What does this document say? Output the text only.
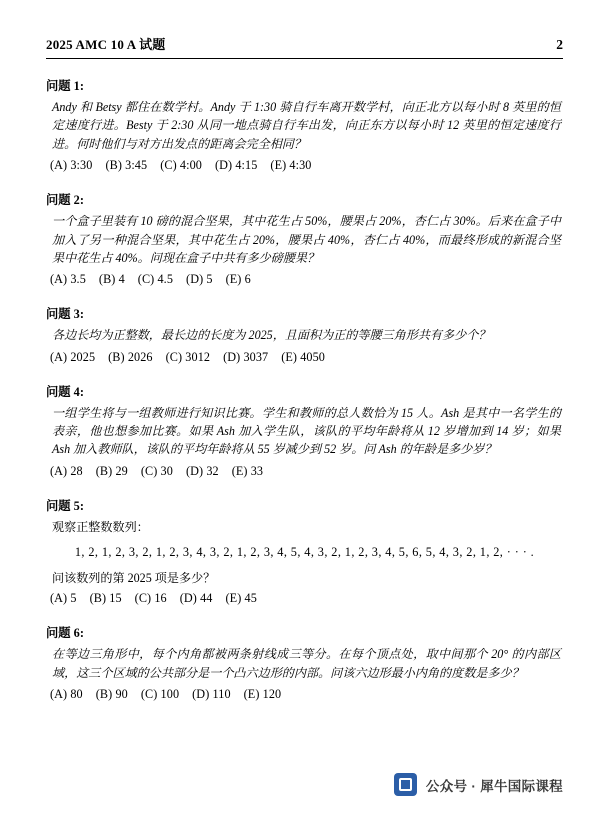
2025 AMC 10 A 试题	2
问题 1:
Andy 和 Betsy 都住在数学村。Andy 于 1:30 骑自行车离开数学村，向正北方以每小时 8 英里的恒定速度行进。Besty 于 2:30 从同一地点骑自行车出发，向正东方以每小时 12 英里的恒定速度行进。何时他们与对方出发点的距离会完全相同？
(A) 3:30 (B) 3:45 (C) 4:00 (D) 4:15 (E) 4:30
问题 2:
一个盒子里装有 10 磅的混合坚果，其中花生占 50%，腰果占 20%，杏仁占 30%。后来在盒子中加入了另一种混合坚果，其中花生占 20%，腰果占 40%，杏仁占 40%，而最终形成的新混合坚果中花生占 40%。问现在盒子中共有多少磅腰果？
(A) 3.5 (B) 4 (C) 4.5 (D) 5 (E) 6
问题 3:
各边长均为正整数，最长边的长度为 2025，且面积为正的等腰三角形共有多少个？
(A) 2025 (B) 2026 (C) 3012 (D) 3037 (E) 4050
问题 4:
一组学生将与一组教师进行知识比赛。学生和教师的总人数恰为 15 人。Ash 是其中一名学生的表亲，他也想参加比赛。如果 Ash 加入学生队，该队的平均年龄将从 12 岁增加到 14 岁；如果 Ash 加入教师队，该队的平均年龄将从 55 岁减少到 52 岁。问 Ash 的年龄是多少岁？
(A) 28 (B) 29 (C) 30 (D) 32 (E) 33
问题 5:
观察正整数数列：
1, 2, 1, 2, 3, 2, 1, 2, 3, 4, 3, 2, 1, 2, 3, 4, 5, 4, 3, 2, 1, 2, 3, 4, 5, 6, 5, 4, 3, 2, 1, 2, · · · .
问该数列的第 2025 项是多少？
(A) 5 (B) 15 (C) 16 (D) 44 (E) 45
问题 6:
在等边三角形中，每个内角都被两条射线成三等分。在每个顶点处，取中间那个 20° 的内部区域，这三个区域的公共部分是一个凸六边形的内部。问该六边形最小内角的度数是多少？
(A) 80 (B) 90 (C) 100 (D) 110 (E) 120
公众号 · 犀牛国际课程
